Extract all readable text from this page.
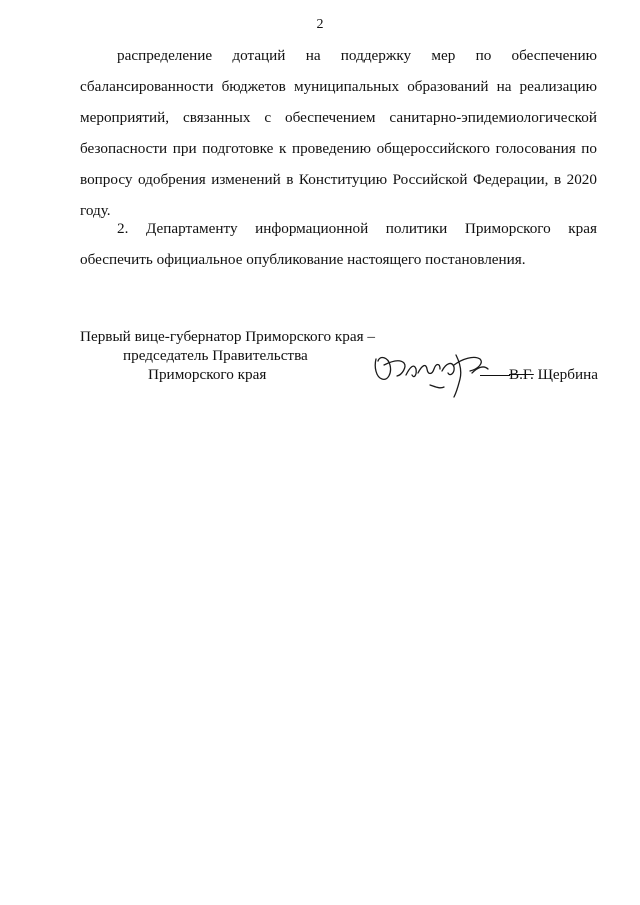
2

распределение дотаций на поддержку мер по обеспечению сбалансированности бюджетов муниципальных образований на реализацию мероприятий, связанных с обеспечением санитарно-эпидемиологической безопасности при подготовке к проведению общероссийского голосования по вопросу одобрения изменений в Конституцию Российской Федерации, в 2020 году.

2. Департаменту информационной политики Приморского края обеспечить официальное опубликование настоящего постановления.

Первый вице-губернатор Приморского края –
председатель Правительства
Приморского края	В.Г. Щербина
